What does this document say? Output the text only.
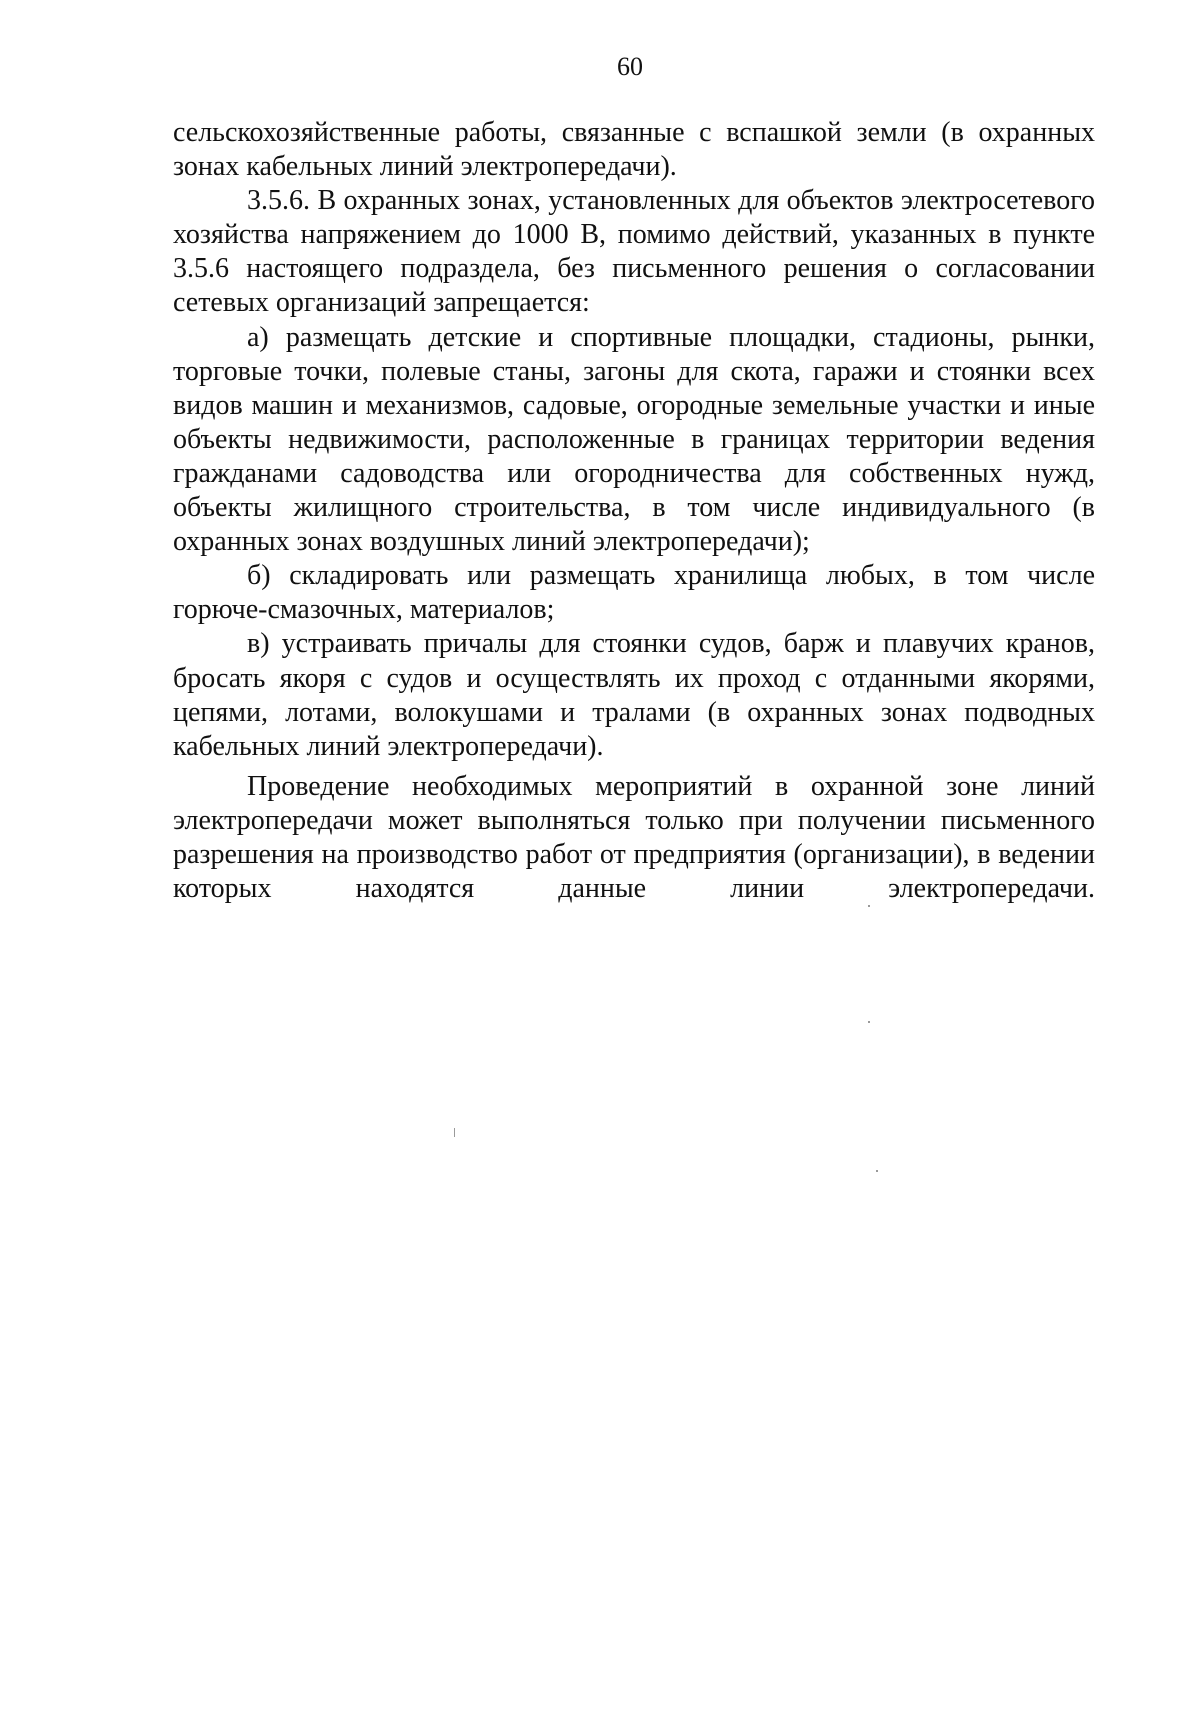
60

сельскохозяйственные работы, связанные с вспашкой земли (в охранных зонах кабельных линий электропередачи).

3.5.6. В охранных зонах, установленных для объектов электросетевого хозяйства напряжением до 1000 В, помимо действий, указанных в пункте 3.5.6 настоящего подраздела, без письменного решения о согласовании сетевых организаций запрещается:

а) размещать детские и спортивные площадки, стадионы, рынки, торговые точки, полевые станы, загоны для скота, гаражи и стоянки всех видов машин и механизмов, садовые, огородные земельные участки и иные объекты недвижимости, расположенные в границах территории ведения гражданами садоводства или огородничества для собственных нужд, объекты жилищного строительства, в том числе индивидуального (в охранных зонах воздушных линий электропередачи);

б) складировать или размещать хранилища любых, в том числе горюче-смазочных, материалов;

в) устраивать причалы для стоянки судов, барж и плавучих кранов, бросать якоря с судов и осуществлять их проход с отданными якорями, цепями, лотами, волокушами и тралами (в охранных зонах подводных кабельных линий электропередачи).

Проведение необходимых мероприятий в охранной зоне линий электропередачи может выполняться только при получении письменного разрешения на производство работ от предприятия (организации), в ведении которых находятся данные линии электропередачи.
